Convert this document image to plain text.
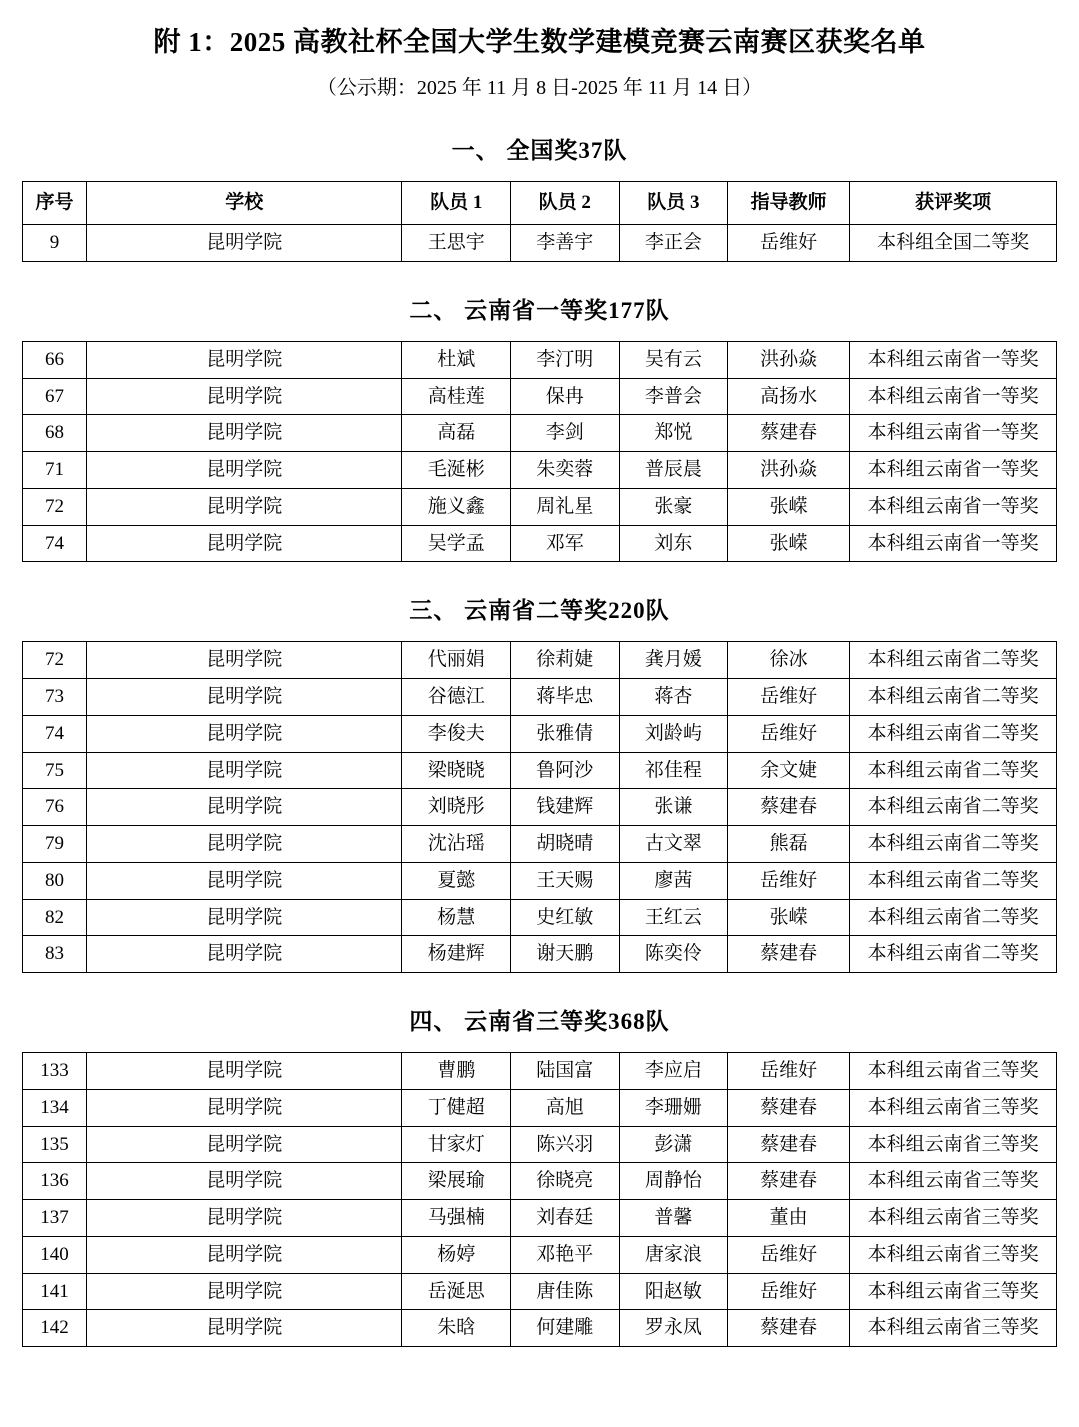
附 1：2025 高教社杯全国大学生数学建模竞赛云南赛区获奖名单
（公示期：2025 年 11 月 8 日-2025 年 11 月 14 日）
一、 全国奖37队
序号	学校	队员 1	队员 2	队员 3	指导教师	获评奖项
9	昆明学院	王思宇	李善宇	李正会	岳维好	本科组全国二等奖
二、 云南省一等奖177队
66	昆明学院	杜斌	李汀明	吴有云	洪孙焱	本科组云南省一等奖
67	昆明学院	高桂莲	保冉	李普会	高扬水	本科组云南省一等奖
68	昆明学院	高磊	李剑	郑悦	蔡建春	本科组云南省一等奖
71	昆明学院	毛涎彬	朱奕蓉	普辰晨	洪孙焱	本科组云南省一等奖
72	昆明学院	施义鑫	周礼星	张豪	张嵘	本科组云南省一等奖
74	昆明学院	吴学孟	邓军	刘东	张嵘	本科组云南省一等奖
三、 云南省二等奖220队
72	昆明学院	代丽娟	徐莉婕	龚月媛	徐冰	本科组云南省二等奖
73	昆明学院	谷德江	蒋毕忠	蒋杏	岳维好	本科组云南省二等奖
74	昆明学院	李俊夫	张雅倩	刘龄屿	岳维好	本科组云南省二等奖
75	昆明学院	梁晓晓	鲁阿沙	祁佳程	余文婕	本科组云南省二等奖
76	昆明学院	刘晓彤	钱建辉	张谦	蔡建春	本科组云南省二等奖
79	昆明学院	沈沾瑶	胡晓晴	古文翠	熊磊	本科组云南省二等奖
80	昆明学院	夏懿	王天赐	廖茜	岳维好	本科组云南省二等奖
82	昆明学院	杨慧	史红敏	王红云	张嵘	本科组云南省二等奖
83	昆明学院	杨建辉	谢天鹏	陈奕伶	蔡建春	本科组云南省二等奖
四、 云南省三等奖368队
133	昆明学院	曹鹏	陆国富	李应启	岳维好	本科组云南省三等奖
134	昆明学院	丁健超	高旭	李珊姗	蔡建春	本科组云南省三等奖
135	昆明学院	甘家灯	陈兴羽	彭潇	蔡建春	本科组云南省三等奖
136	昆明学院	梁展瑜	徐晓亮	周静怡	蔡建春	本科组云南省三等奖
137	昆明学院	马强楠	刘春廷	普馨	董由	本科组云南省三等奖
140	昆明学院	杨婷	邓艳平	唐家浪	岳维好	本科组云南省三等奖
141	昆明学院	岳涎思	唐佳陈	阳赵敏	岳维好	本科组云南省三等奖
142	昆明学院	朱晗	何建雕	罗永凤	蔡建春	本科组云南省三等奖
